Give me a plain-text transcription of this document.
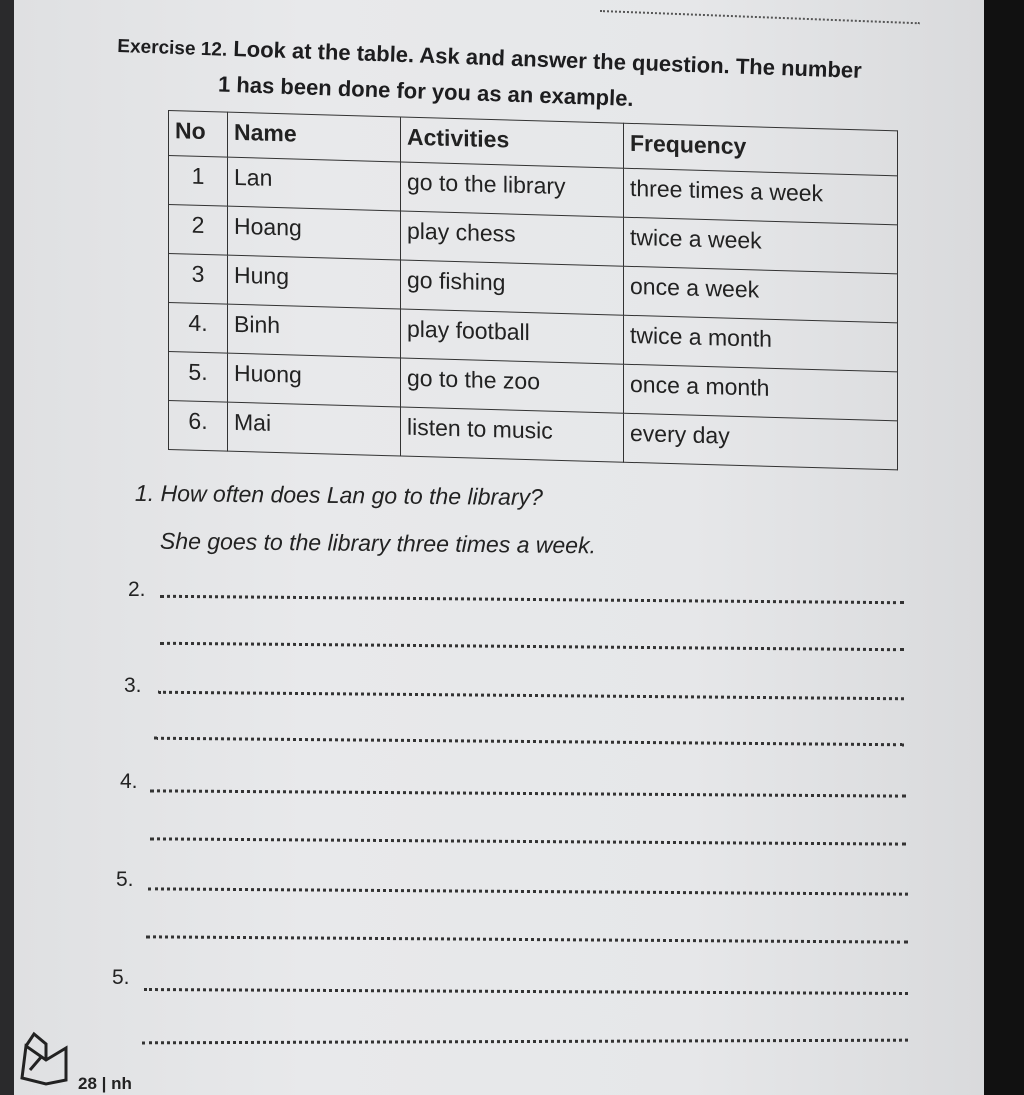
Exercise 12. Look at the table. Ask and answer the question. The number
1 has been done for you as an example.
No	Name	Activities	Frequency
1	Lan	go to the library	three times a week
2	Hoang	play chess	twice a week
3	Hung	go fishing	once a week
4.	Binh	play football	twice a month
5.	Huong	go to the zoo	once a month
6.	Mai	listen to music	every day
1. How often does Lan go to the library?
She goes to the library three times a week.
2.
3.
4.
5.
5.
28 | nh
